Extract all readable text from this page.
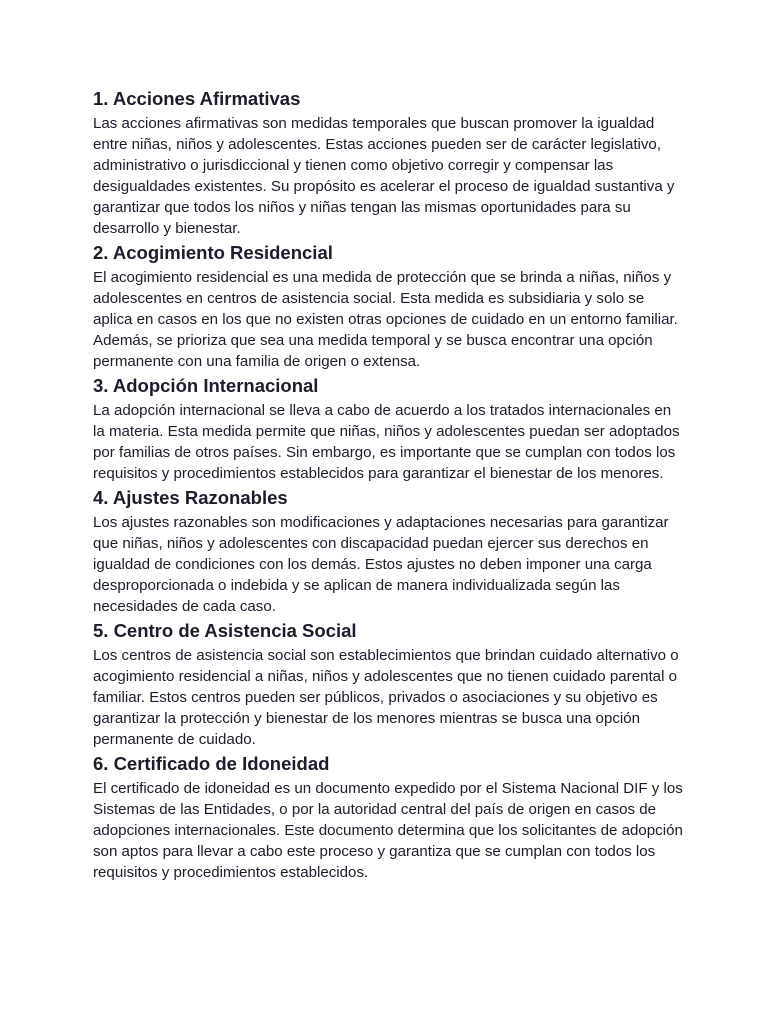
1. Acciones Afirmativas

Las acciones afirmativas son medidas temporales que buscan promover la igualdad entre niñas, niños y adolescentes. Estas acciones pueden ser de carácter legislativo, administrativo o jurisdiccional y tienen como objetivo corregir y compensar las desigualdades existentes. Su propósito es acelerar el proceso de igualdad sustantiva y garantizar que todos los niños y niñas tengan las mismas oportunidades para su desarrollo y bienestar.

2. Acogimiento Residencial

El acogimiento residencial es una medida de protección que se brinda a niñas, niños y adolescentes en centros de asistencia social. Esta medida es subsidiaria y solo se aplica en casos en los que no existen otras opciones de cuidado en un entorno familiar. Además, se prioriza que sea una medida temporal y se busca encontrar una opción permanente con una familia de origen o extensa.

3. Adopción Internacional

La adopción internacional se lleva a cabo de acuerdo a los tratados internacionales en la materia. Esta medida permite que niñas, niños y adolescentes puedan ser adoptados por familias de otros países. Sin embargo, es importante que se cumplan con todos los requisitos y procedimientos establecidos para garantizar el bienestar de los menores.

4. Ajustes Razonables

Los ajustes razonables son modificaciones y adaptaciones necesarias para garantizar que niñas, niños y adolescentes con discapacidad puedan ejercer sus derechos en igualdad de condiciones con los demás. Estos ajustes no deben imponer una carga desproporcionada o indebida y se aplican de manera individualizada según las necesidades de cada caso.

5. Centro de Asistencia Social

Los centros de asistencia social son establecimientos que brindan cuidado alternativo o acogimiento residencial a niñas, niños y adolescentes que no tienen cuidado parental o familiar. Estos centros pueden ser públicos, privados o asociaciones y su objetivo es garantizar la protección y bienestar de los menores mientras se busca una opción permanente de cuidado.

6. Certificado de Idoneidad

El certificado de idoneidad es un documento expedido por el Sistema Nacional DIF y los Sistemas de las Entidades, o por la autoridad central del país de origen en casos de adopciones internacionales. Este documento determina que los solicitantes de adopción son aptos para llevar a cabo este proceso y garantiza que se cumplan con todos los requisitos y procedimientos establecidos.
